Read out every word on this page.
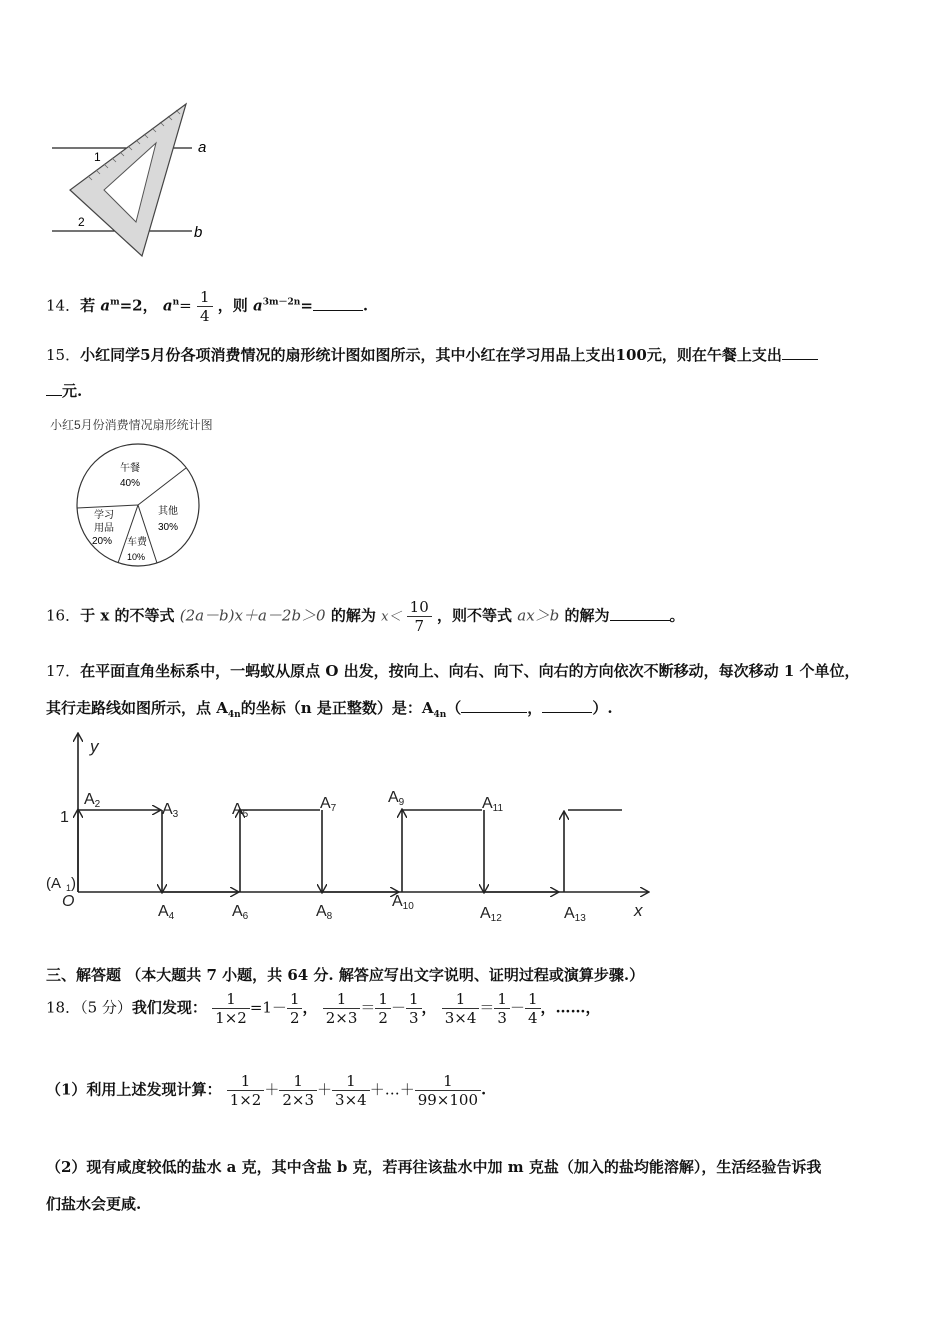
a
b
1
2
14．若 $a^m=2$， $a^n= \frac{1}{4}$ ，则 $a^{3m-2n}=$	.
15．小红同学5月份各项消费情况的扇形统计图如图所示，其中小红在学习用品上支出100元，则在午餐上支出
元.
小红5月份消费情况扇形统计图
午餐
40%
其他
30%
车费
10%
学习
用品
20%
16．于 x 的不等式 (2a－b)x＋a－2b＞0 的解为 $x< \frac{10}{7}$ ，则不等式 ax＞b 的解为	。
17．在平面直角坐标系中，一蚂蚁从原点 O 出发，按向上、向右、向下、向右的方向依次不断移动，每次移动 1 个单位，
其行走路线如图所示，点 $A_{4n}$的坐标（n 是正整数）是：$A_{4n}$（	，	）.
y
x
1
(A 1 )
O
A2	A3
A4
A5
A6
A7
A8
A9
A10
A11
A12	A13
三、解答题 （本大题共 7 小题，共 64 分. 解答应写出文字说明、证明过程或演算步骤.）
18．（5 分）我们发现： $\frac{1}{1\times 2} =1- \frac{1}{2}$ ， $\frac{1}{2\times 3} = \frac{1}{2} - \frac{1}{3}$ ， $\frac{1}{3\times 4} = \frac{1}{3} - \frac{1}{4}$ ，……，
（1）利用上述发现计算： $\frac{1}{1\times 2} + \frac{1}{2\times 3} + \frac{1}{3\times 4}$ ＋…＋ $\frac{1}{99\times 100}$ .
（2）现有咸度较低的盐水 a 克，其中含盐 b 克，若再往该盐水中加 m 克盐（加入的盐均能溶解），生活经验告诉我
们盐水会更咸.
